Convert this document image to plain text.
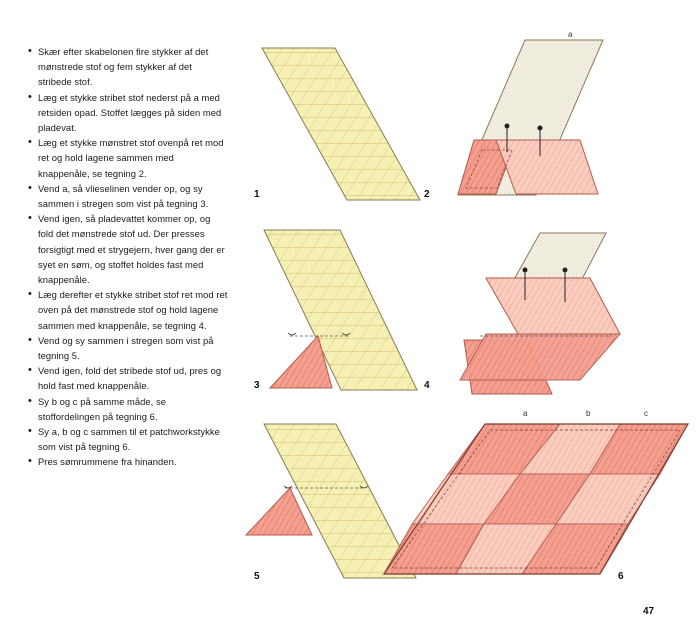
• Skær efter skabelonen fire stykker af det mønstrede stof og fem stykker af det stribede stof.
• Læg et stykke stribet stof nederst på a med retsiden opad. Stoffet lægges på siden med pladevat.
• Læg et stykke mønstret stof ovenpå ret mod ret og hold lagene sammen med knappenåle, se tegning 2.
• Vend a, så vlieselinen vender op, og sy sammen i stregen som vist på tegning 3.
• Vend igen, så pladevattet kommer op, og fold det mønstrede stof ud. Der presses forsigtigt med et strygejern, hver gang der er syet en søm, og stoffet holdes fast med knappenåle.
• Læg derefter et stykke stribet stof ret mod ret oven på det mønstrede stof og hold lagene sammen med knappenåle, se tegning 4.
• Vend og sy sammen i stregen som vist på tegning 5.
• Vend igen, fold det stribede stof ud, pres og hold fast med knappenåle.
• Sy b og c på samme måde, se stoffordelingen på tegning 6.
• Sy a, b og c sammen til et patchworkstykke som vist på tegning 6.
• Pres sømrummene fra hinanden.
a
a	b	c
1	2
3	4
5	6
47
